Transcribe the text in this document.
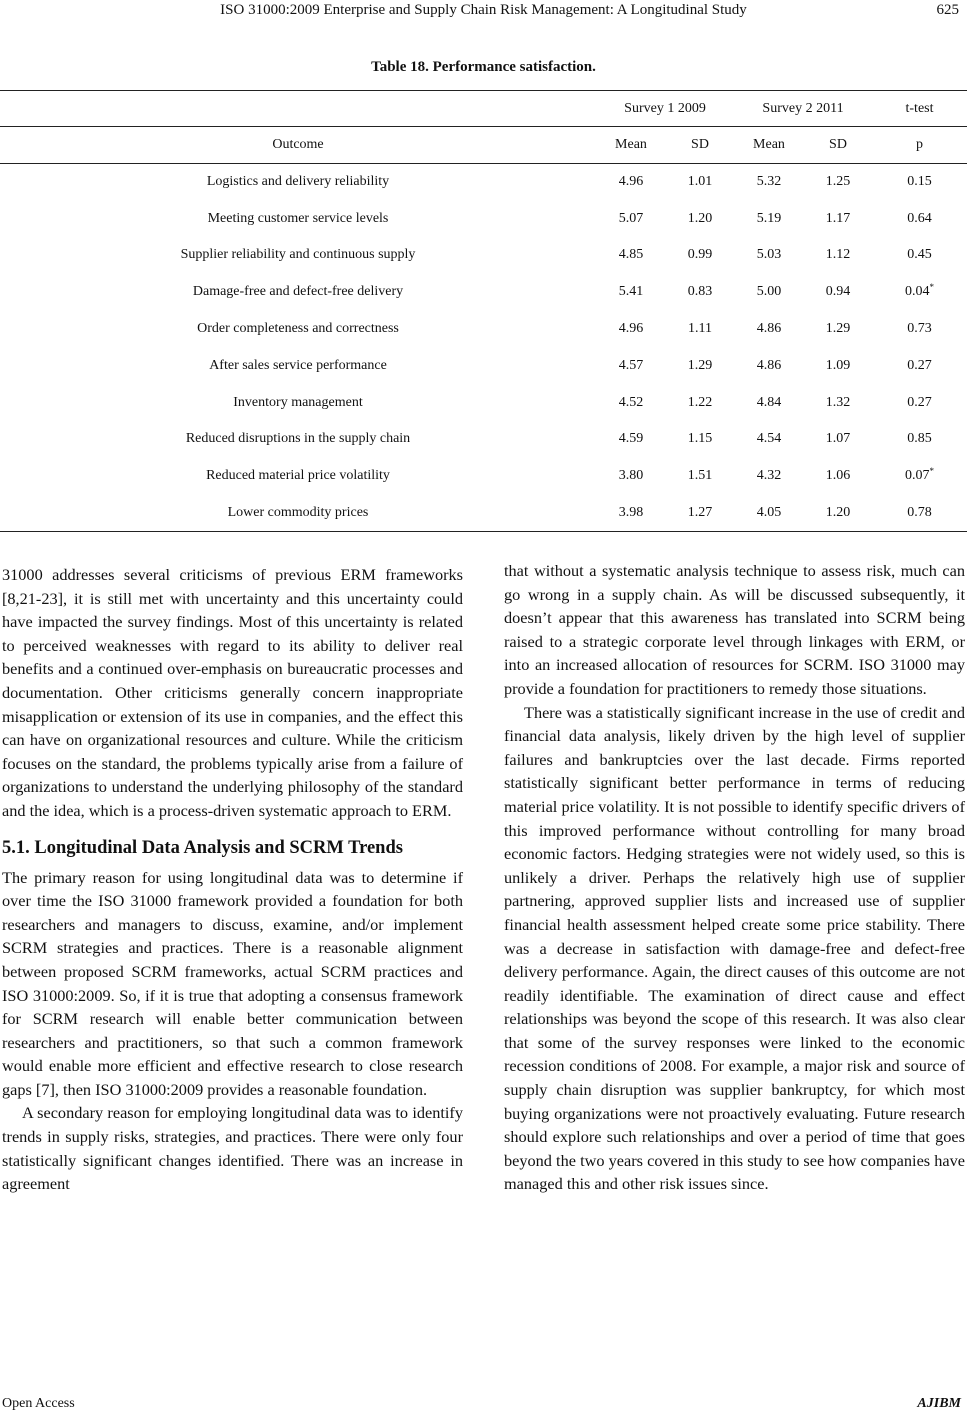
ISO 31000:2009 Enterprise and Supply Chain Risk Management: A Longitudinal Study	625
Table 18. Performance satisfaction.
	Survey 1 2009		Survey 2 2011		t-test
Outcome	Mean	SD	Mean	SD	p
Logistics and delivery reliability	4.96	1.01	5.32	1.25	0.15
Meeting customer service levels	5.07	1.20	5.19	1.17	0.64
Supplier reliability and continuous supply	4.85	0.99	5.03	1.12	0.45
Damage-free and defect-free delivery	5.41	0.83	5.00	0.94	0.04*
Order completeness and correctness	4.96	1.11	4.86	1.29	0.73
After sales service performance	4.57	1.29	4.86	1.09	0.27
Inventory management	4.52	1.22	4.84	1.32	0.27
Reduced disruptions in the supply chain	4.59	1.15	4.54	1.07	0.85
Reduced material price volatility	3.80	1.51	4.32	1.06	0.07*
Lower commodity prices	3.98	1.27	4.05	1.20	0.78

31000 addresses several criticisms of previous ERM frameworks [8,21-23], it is still met with uncertainty and this uncertainty could have impacted the survey findings. Most of this uncertainty is related to perceived weaknesses with regard to its ability to deliver real benefits and a continued over-emphasis on bureaucratic processes and documentation. Other criticisms generally concern inappropriate misapplication or extension of its use in companies, and the effect this can have on organizational resources and culture. While the criticism focuses on the standard, the problems typically arise from a failure of organizations to understand the underlying philosophy of the standard and the idea, which is a process-driven systematic approach to ERM.

5.1. Longitudinal Data Analysis and SCRM Trends

The primary reason for using longitudinal data was to determine if over time the ISO 31000 framework provided a foundation for both researchers and managers to discuss, examine, and/or implement SCRM strategies and practices. There is a reasonable alignment between proposed SCRM frameworks, actual SCRM practices and ISO 31000:2009. So, if it is true that adopting a consensus framework for SCRM research will enable better communication between researchers and practitioners, so that such a common framework would enable more efficient and effective research to close research gaps [7], then ISO 31000:2009 provides a reasonable foundation.

A secondary reason for employing longitudinal data was to identify trends in supply risks, strategies, and practices. There were only four statistically significant changes identified. There was an increase in agreement

that without a systematic analysis technique to assess risk, much can go wrong in a supply chain. As will be discussed subsequently, it doesn’t appear that this awareness has translated into SCRM being raised to a strategic corporate level through linkages with ERM, or into an increased allocation of resources for SCRM. ISO 31000 may provide a foundation for practitioners to remedy those situations.

There was a statistically significant increase in the use of credit and financial data analysis, likely driven by the high level of supplier failures and bankruptcies over the last decade. Firms reported statistically significant better performance in terms of reducing material price volatility. It is not possible to identify specific drivers of this improved performance without controlling for many broad economic factors. Hedging strategies were not widely used, so this is unlikely a driver. Perhaps the relatively high use of supplier partnering, approved supplier lists and increased use of supplier financial health assessment helped create some price stability. There was a decrease in satisfaction with damage-free and defect-free delivery performance. Again, the direct causes of this outcome are not readily identifiable. The examination of direct cause and effect relationships was beyond the scope of this research. It was also clear that some of the survey responses were linked to the economic recession conditions of 2008. For example, a major risk and source of supply chain disruption was supplier bankruptcy, for which most buying organizations were not proactively evaluating. Future research should explore such relationships and over a period of time that goes beyond the two years covered in this study to see how companies have managed this and other risk issues since.

Open Access	AJIBM
